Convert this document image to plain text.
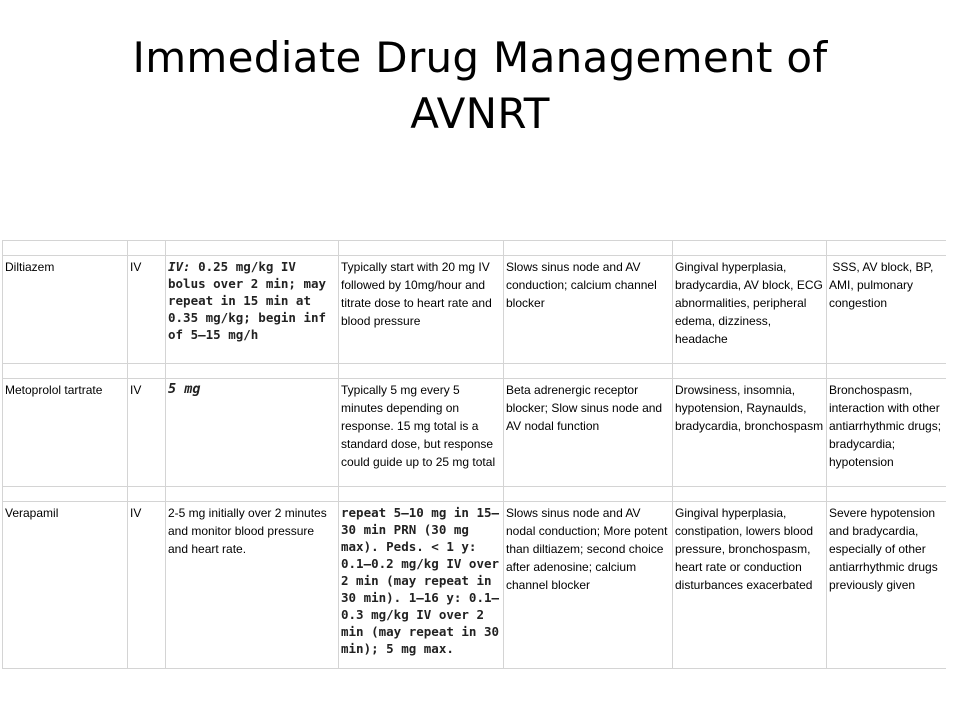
Immediate Drug Management of
AVNRT

Diltiazem	IV	IV: 0.25 mg/kg IV bolus over 2 min; may repeat in 15 min at 0.35 mg/kg; begin inf of 5–15 mg/h	Typically start with 20 mg IV followed by 10mg/hour and titrate dose to heart rate and blood pressure	Slows sinus node and AV conduction; calcium channel blocker	Gingival hyperplasia, bradycardia, AV block, ECG abnormalities, peripheral edema, dizziness, headache	SSS, AV block, BP, AMI, pulmonary congestion

Metoprolol tartrate	IV	5 mg	Typically 5 mg every 5 minutes depending on response. 15 mg total is a standard dose, but response could guide up to 25 mg total	Beta adrenergic receptor blocker; Slow sinus node and AV nodal function	Drowsiness, insomnia, hypotension, Raynaulds, bradycardia, bronchospasm	Bronchospasm, interaction with other antiarrhythmic drugs; bradycardia; hypotension

Verapamil	IV	2-5 mg initially over 2 minutes and monitor blood pressure and heart rate.	repeat 5–10 mg in 15–30 min PRN (30 mg max). Peds. < 1 y: 0.1–0.2 mg/kg IV over 2 min (may repeat in 30 min). 1–16 y: 0.1–0.3 mg/kg IV over 2 min (may repeat in 30 min); 5 mg max.	Slows sinus node and AV nodal conduction; More potent than diltiazem; second choice after adenosine; calcium channel blocker	Gingival hyperplasia, constipation, lowers blood pressure, bronchospasm, heart rate or conduction disturbances exacerbated	Severe hypotension and bradycardia, especially of other antiarrhythmic drugs previously given
